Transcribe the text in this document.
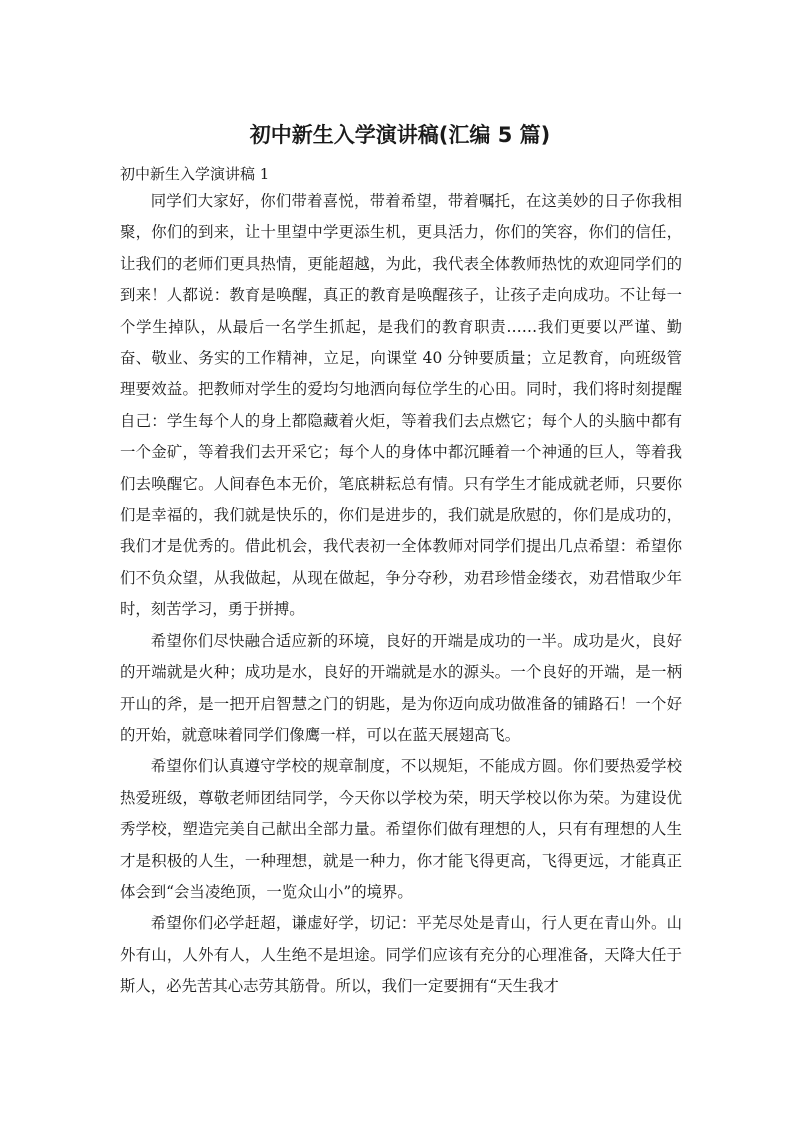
初中新生入学演讲稿(汇编 5 篇)
初中新生入学演讲稿 1

同学们大家好，你们带着喜悦，带着希望，带着嘱托，在这美妙的日子你我相聚，你们的到来，让十里望中学更添生机，更具活力，你们的笑容，你们的信任，让我们的老师们更具热情，更能超越，为此，我代表全体教师热忱的欢迎同学们的到来！人都说：教育是唤醒，真正的教育是唤醒孩子，让孩子走向成功。不让每一个学生掉队，从最后一名学生抓起，是我们的教育职责……我们更要以严谨、勤奋、敬业、务实的工作精神，立足，向课堂 40 分钟要质量；立足教育，向班级管理要效益。把教师对学生的爱均匀地洒向每位学生的心田。同时，我们将时刻提醒自己：学生每个人的身上都隐藏着火炬，等着我们去点燃它；每个人的头脑中都有一个金矿，等着我们去开采它；每个人的身体中都沉睡着一个神通的巨人，等着我们去唤醒它。人间春色本无价，笔底耕耘总有情。只有学生才能成就老师，只要你们是幸福的，我们就是快乐的，你们是进步的，我们就是欣慰的，你们是成功的，我们才是优秀的。借此机会，我代表初一全体教师对同学们提出几点希望：希望你们不负众望，从我做起，从现在做起，争分夺秒，劝君珍惜金缕衣，劝君惜取少年时，刻苦学习，勇于拼搏。

希望你们尽快融合适应新的环境，良好的开端是成功的一半。成功是火，良好的开端就是火种；成功是水，良好的开端就是水的源头。一个良好的开端，是一柄开山的斧，是一把开启智慧之门的钥匙，是为你迈向成功做准备的铺路石！一个好的开始，就意味着同学们像鹰一样，可以在蓝天展翅高飞。

希望你们认真遵守学校的规章制度，不以规矩，不能成方圆。你们要热爱学校热爱班级，尊敬老师团结同学，今天你以学校为荣，明天学校以你为荣。为建设优秀学校，塑造完美自己献出全部力量。希望你们做有理想的人，只有有理想的人生才是积极的人生，一种理想，就是一种力，你才能飞得更高，飞得更远，才能真正体会到“会当凌绝顶，一览众山小”的境界。

希望你们必学赶超，谦虚好学，切记：平芜尽处是青山，行人更在青山外。山外有山，人外有人，人生绝不是坦途。同学们应该有充分的心理准备，天降大任于斯人，必先苦其心志劳其筋骨。所以，我们一定要拥有“天生我才
